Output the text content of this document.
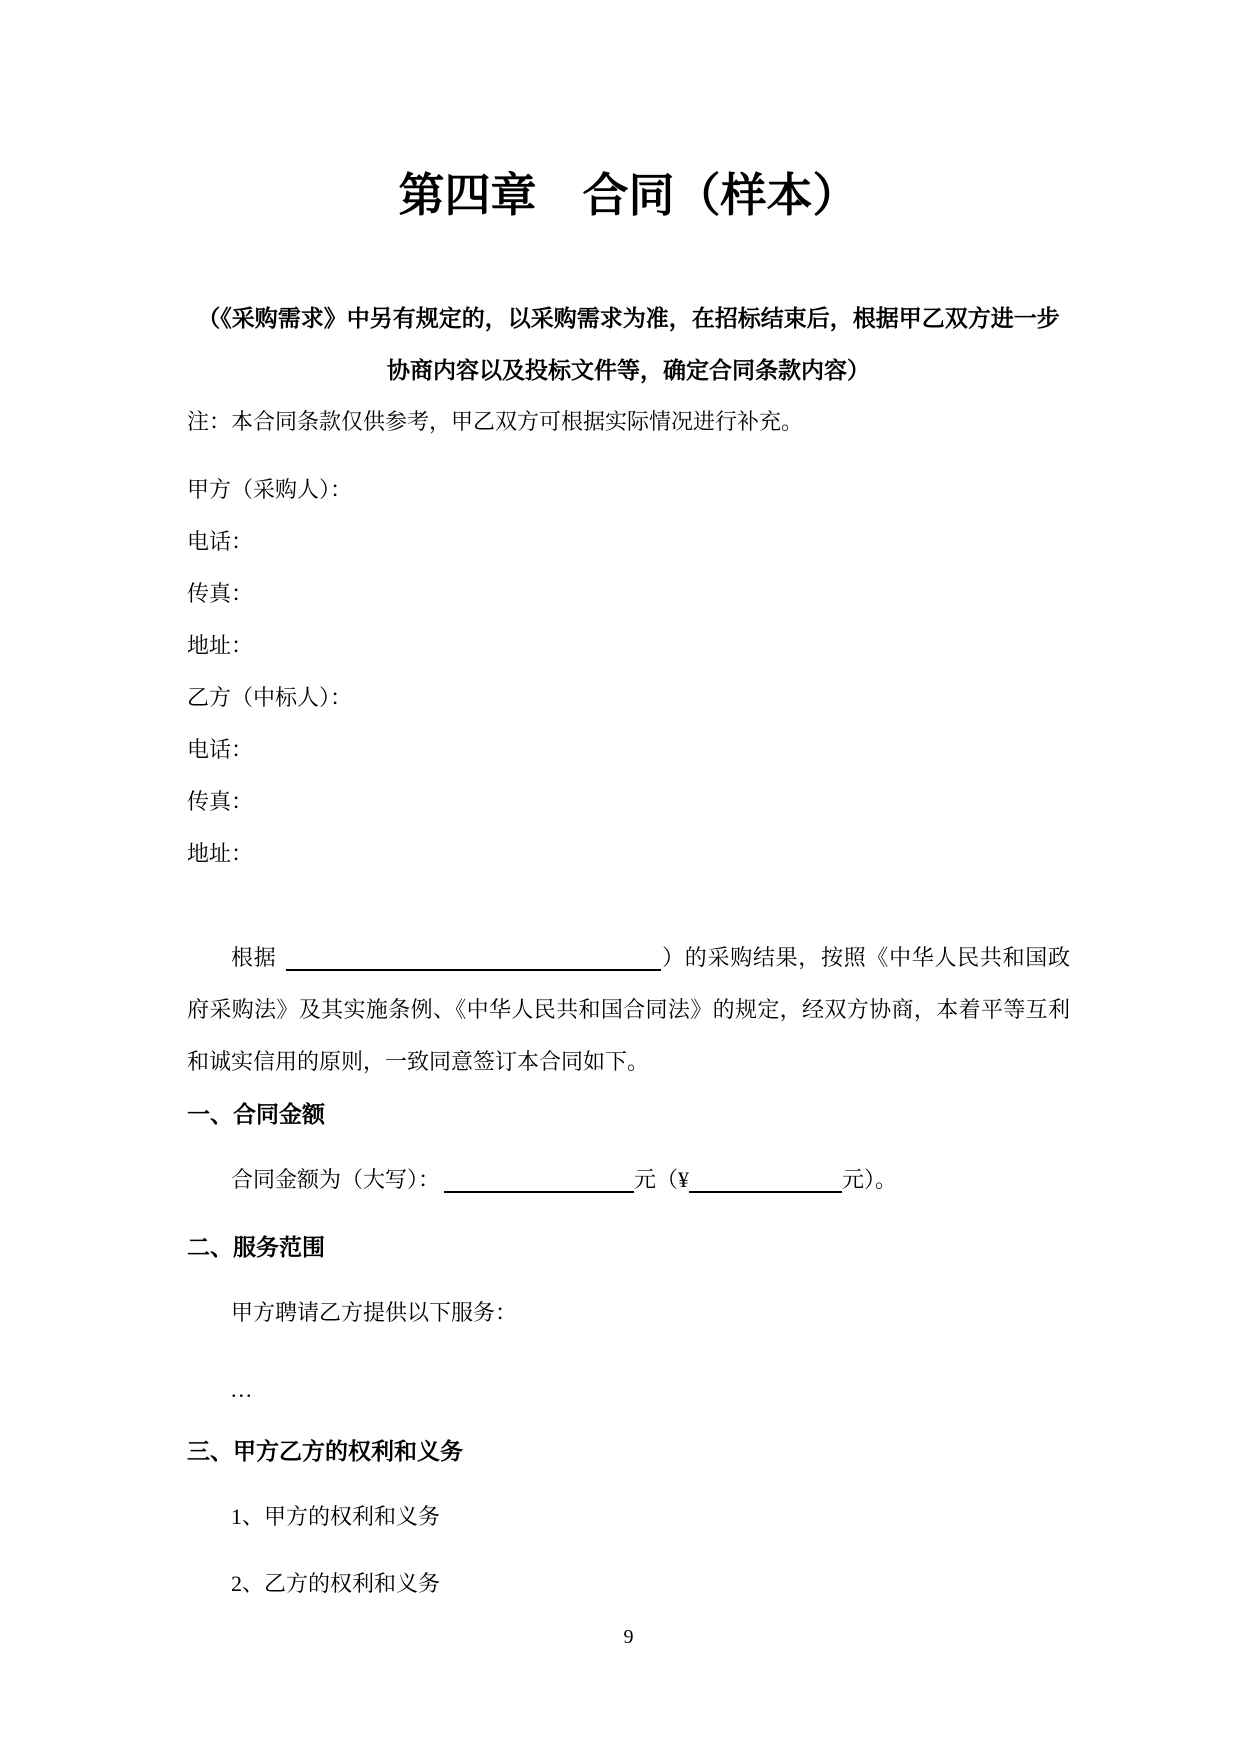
第四章　合同（样本）
（《采购需求》中另有规定的，以采购需求为准，在招标结束后，根据甲乙双方进一步
协商内容以及投标文件等，确定合同条款内容）

注：本合同条款仅供参考，甲乙双方可根据实际情况进行补充。

甲方（采购人）：

电话：

传真：

地址：

乙方（中标人）：

电话：

传真：

地址：

根据	）的采购结果，按照《中华人民共和国政府采购法》及其实施条例、《中华人民共和国合同法》的规定，经双方协商，本着平等互利和诚实信用的原则，一致同意签订本合同如下。

一、合同金额

合同金额为（大写）：	元（¥	元）。

二、服务范围

甲方聘请乙方提供以下服务：

...

三、甲方乙方的权利和义务

1、甲方的权利和义务

2、乙方的权利和义务

9
